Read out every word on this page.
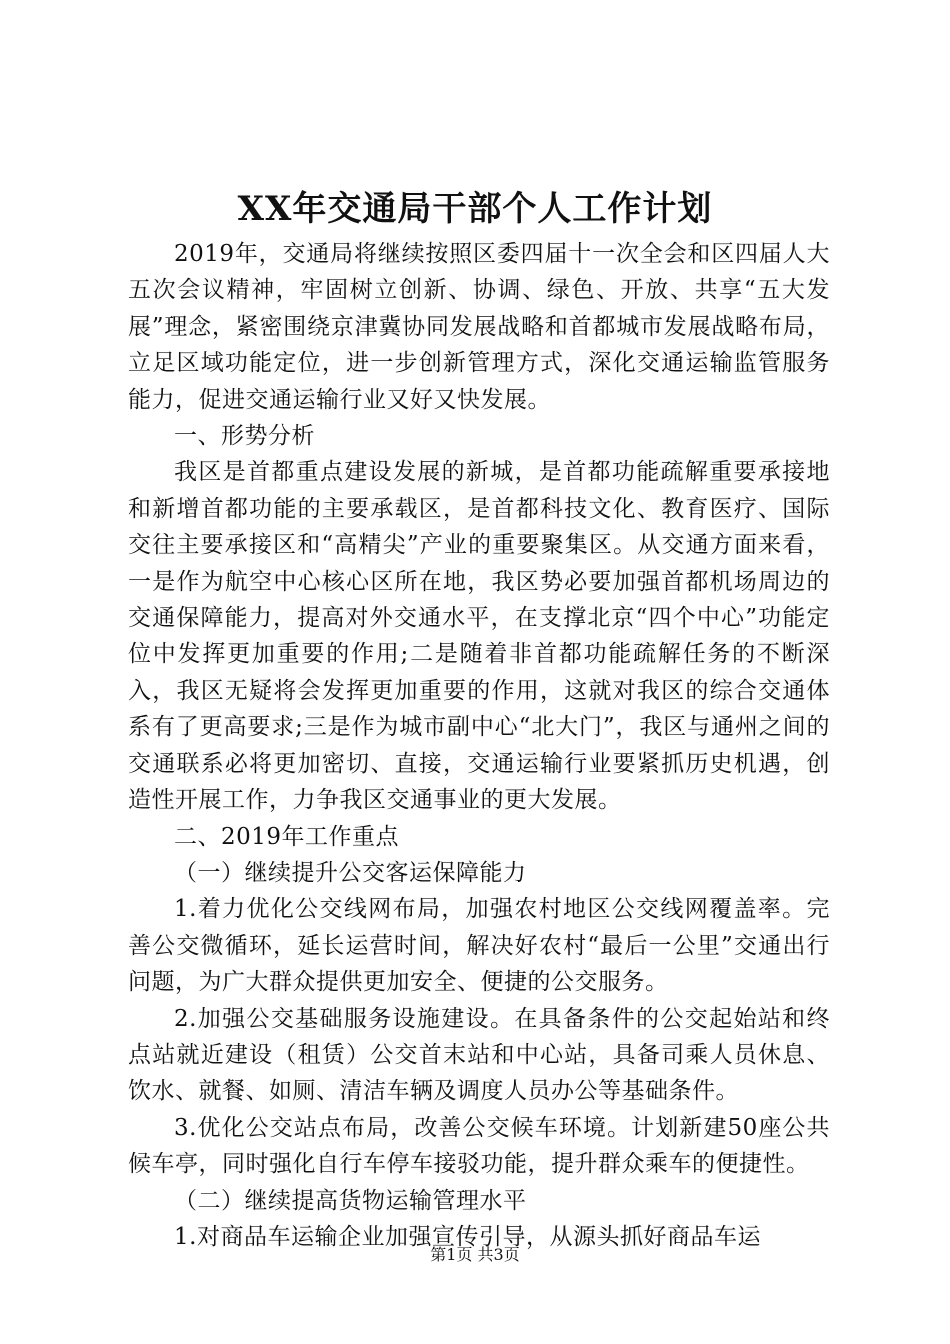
XX年交通局干部个人工作计划

2019年，交通局将继续按照区委四届十一次全会和区四届人大五次会议精神，牢固树立创新、协调、绿色、开放、共享“五大发展”理念，紧密围绕京津冀协同发展战略和首都城市发展战略布局，立足区域功能定位，进一步创新管理方式，深化交通运输监管服务能力，促进交通运输行业又好又快发展。

一、形势分析

我区是首都重点建设发展的新城，是首都功能疏解重要承接地和新增首都功能的主要承载区，是首都科技文化、教育医疗、国际交往主要承接区和“高精尖”产业的重要聚集区。从交通方面来看，一是作为航空中心核心区所在地，我区势必要加强首都机场周边的交通保障能力，提高对外交通水平，在支撑北京“四个中心”功能定位中发挥更加重要的作用;二是随着非首都功能疏解任务的不断深入，我区无疑将会发挥更加重要的作用，这就对我区的综合交通体系有了更高要求;三是作为城市副中心“北大门”，我区与通州之间的交通联系必将更加密切、直接，交通运输行业要紧抓历史机遇，创造性开展工作，力争我区交通事业的更大发展。

二、2019年工作重点

（一）继续提升公交客运保障能力

1.着力优化公交线网布局，加强农村地区公交线网覆盖率。完善公交微循环，延长运营时间，解决好农村“最后一公里”交通出行问题，为广大群众提供更加安全、便捷的公交服务。

2.加强公交基础服务设施建设。在具备条件的公交起始站和终点站就近建设（租赁）公交首末站和中心站，具备司乘人员休息、饮水、就餐、如厕、清洁车辆及调度人员办公等基础条件。

3.优化公交站点布局，改善公交候车环境。计划新建50座公共候车亭，同时强化自行车停车接驳功能，提升群众乘车的便捷性。

（二）继续提高货物运输管理水平

1.对商品车运输企业加强宣传引导，从源头抓好商品车运

第1页 共3页
